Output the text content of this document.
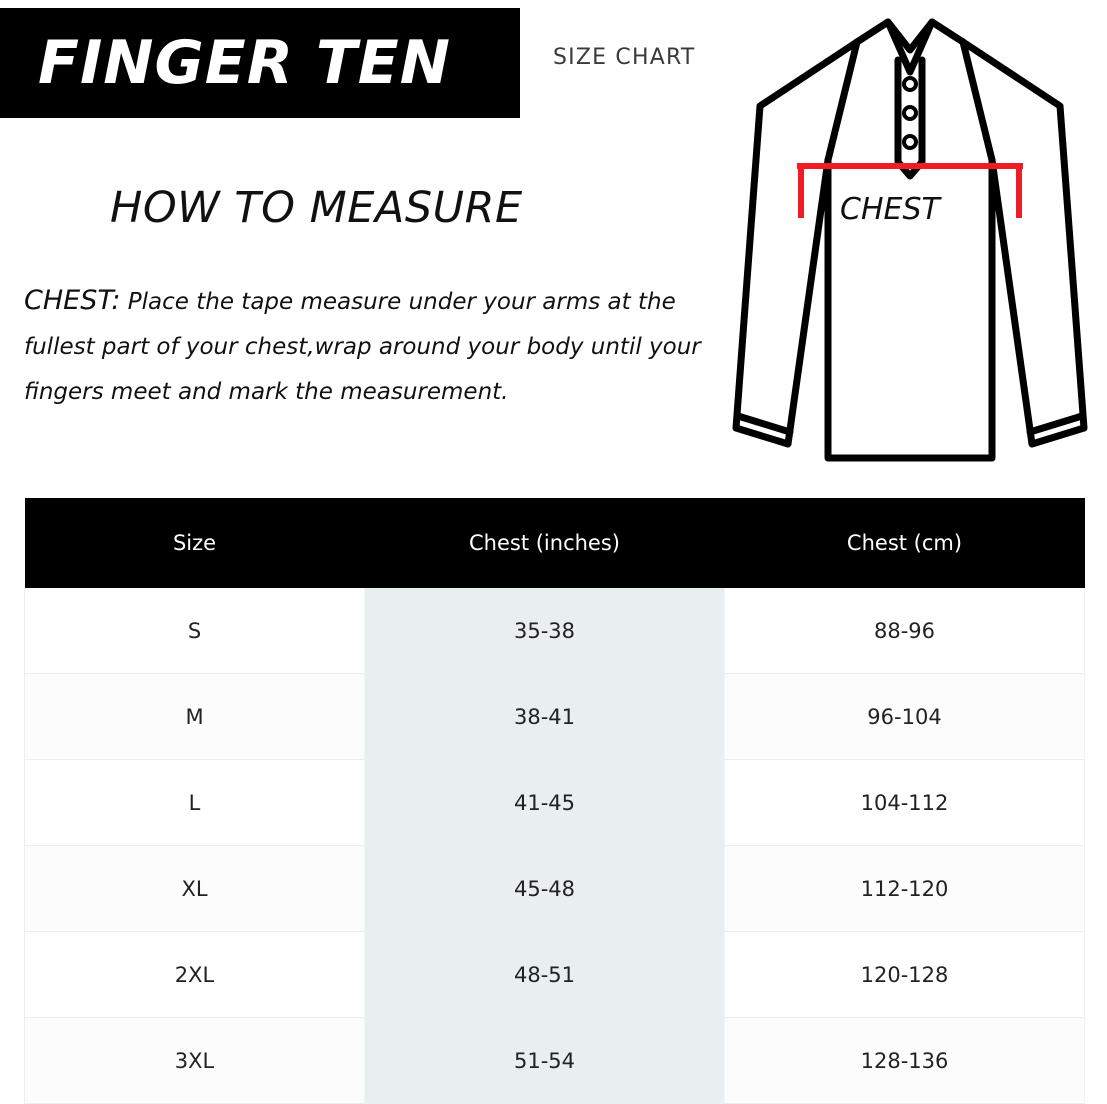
FINGER TEN	SIZE CHART
HOW TO MEASURE
CHEST: Place the tape measure under your arms at the fullest part of your chest,wrap around your body until your fingers meet and mark the measurement.
CHEST
Size	Chest (inches)	Chest (cm)
S	35-38	88-96
M	38-41	96-104
L	41-45	104-112
XL	45-48	112-120
2XL	48-51	120-128
3XL	51-54	128-136
